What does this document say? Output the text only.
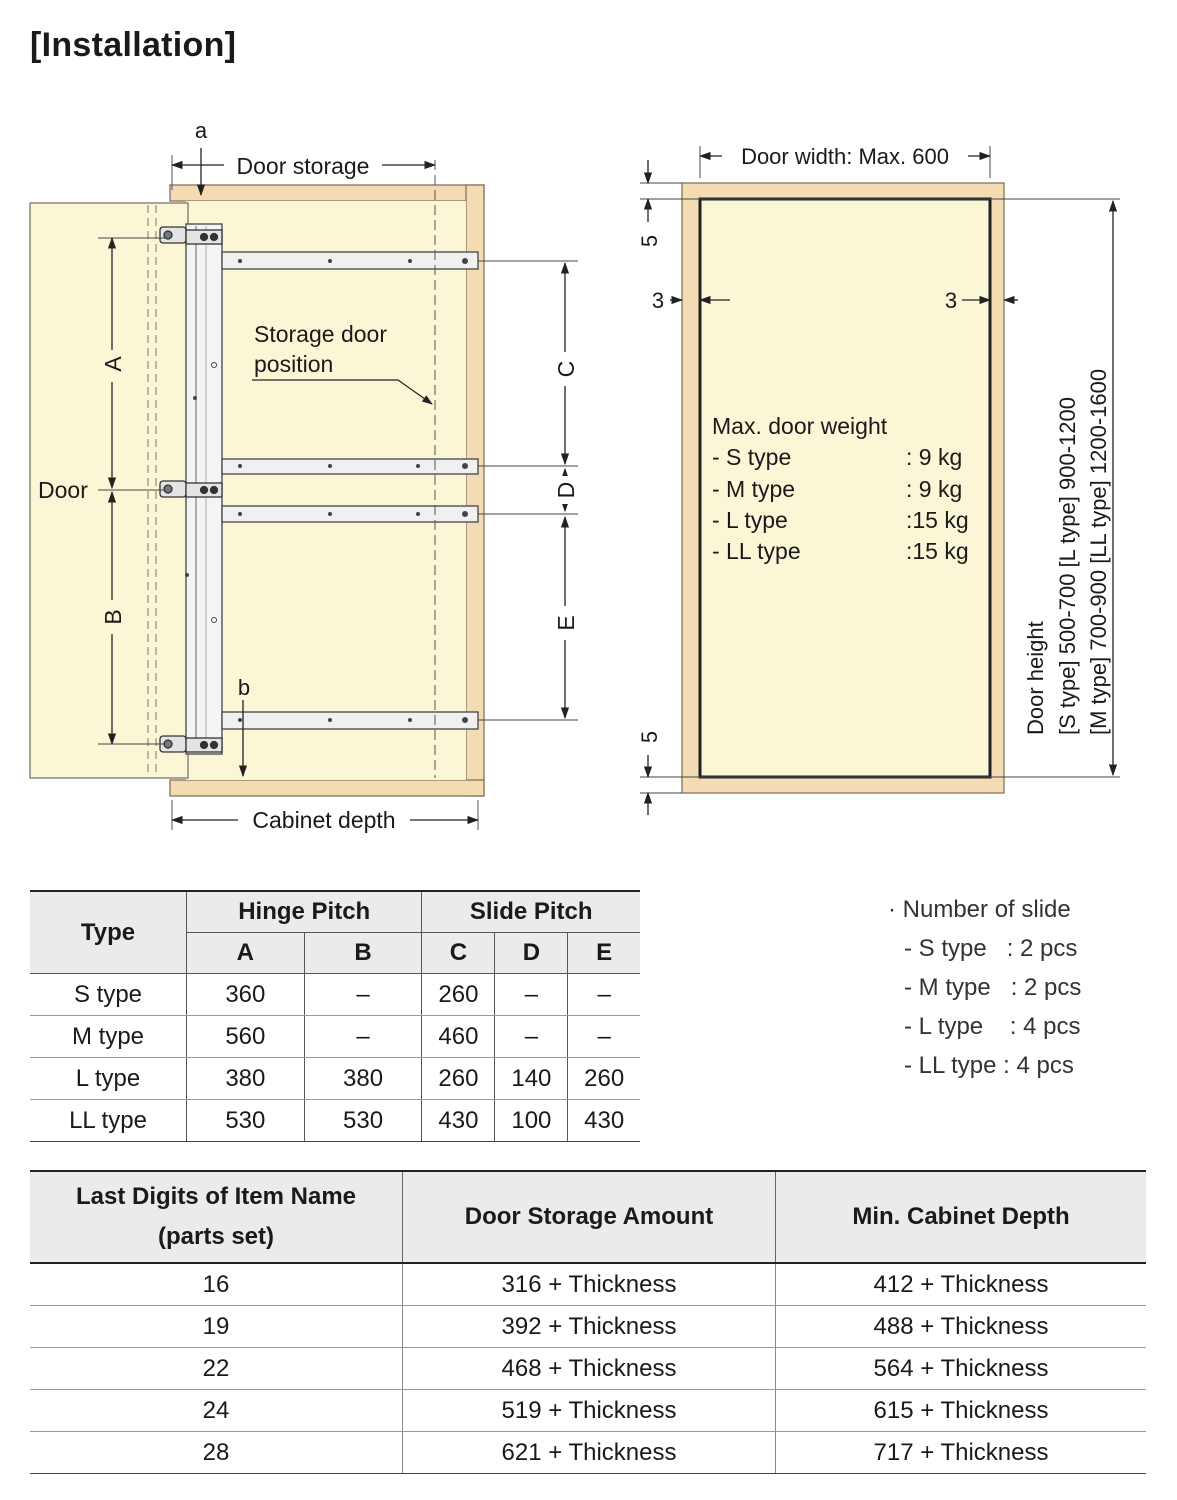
[Installation]
Door storage
a
Storage door
position
A
B
Door
C
D
E
b
Cabinet depth
Door width: Max. 600
5
5
3	3
Door height [S type] 500-700 [L type] 900-1200 [M type] 700-900 [LL type] 1200-1600
Max. door weight
- S type	: 9 kg
- M type	: 9 kg
- L type	:15 kg
- LL type	:15 kg
Type	Hinge Pitch		Slide Pitch		
	A	B	C	D	E
S type	360	–	260	–	–
M type	560	–	460	–	–
L type	380	380	260	140	260
LL type	530	530	430	100	430
· Number of slide
- S type   : 2 pcs
- M type   : 2 pcs
- L type    : 4 pcs
- LL type : 4 pcs
Last Digits of Item Name
(parts set)	Door Storage Amount	Min. Cabinet Depth
16	316 + Thickness	412 + Thickness
19	392 + Thickness	488 + Thickness
22	468 + Thickness	564 + Thickness
24	519 + Thickness	615 + Thickness
28	621 + Thickness	717 + Thickness
